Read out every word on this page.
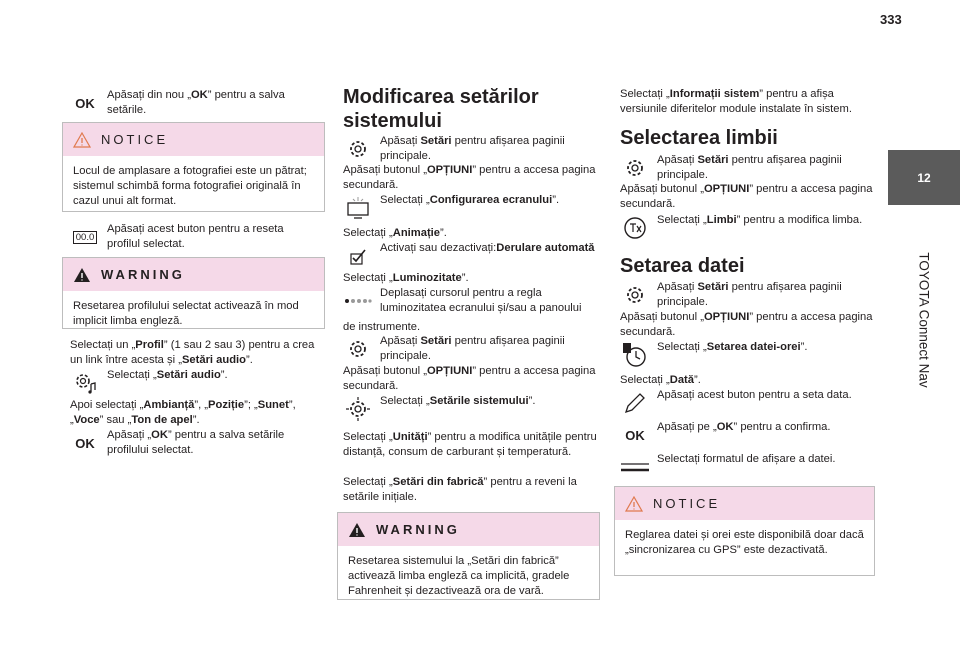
333
12
TOYOTA Connect Nav
OK
Apăsați din nou „OK” pentru a salva setările.
NOTICE
Locul de amplasare a fotografiei este un pătrat; sistemul schimbă forma fotografiei originală în cazul unui alt format.
00.0
Apăsați acest buton pentru a reseta profilul selectat.
WARNING
Resetarea profilului selectat activează în mod implicit limba engleză.

Selectați un „Profil” (1 sau 2 sau 3) pentru a crea un link între acesta și „Setări audio”.

Selectați „Setări audio”.

Apoi selectați „Ambianță”, „Poziție”; „Sunet”, „Voce” sau „Ton de apel”.

OK
Apăsați „OK” pentru a salva setările profilului selectat.
Modificarea setărilor sistemului
Apăsați Setări pentru afișarea paginii principale.

Apăsați butonul „OPȚIUNI” pentru a accesa pagina secundară.

Selectați „Configurarea ecranului”.

Selectați „Animație”.

Activați sau dezactivați:Derulare automată

Selectați „Luminozitate”.

Deplasați cursorul pentru a regla luminozitatea ecranului și/sau a panoului

de instrumente.

Apăsați Setări pentru afișarea paginii principale.

Apăsați butonul „OPȚIUNI” pentru a accesa pagina secundară.

Selectați „Setările sistemului”.

Selectați „Unități” pentru a modifica unitățile pentru distanță, consum de carburant și temperatură.

Selectați „Setări din fabrică” pentru a reveni la setările inițiale.

WARNING
Resetarea sistemului la „Setări din fabrică” activează limba engleză ca implicită, gradele Fahrenheit și dezactivează ora de vară.

Selectați „Informații sistem” pentru a afișa versiunile diferitelor module instalate în sistem.

Selectarea limbii
Apăsați Setări pentru afișarea paginii principale.

Apăsați butonul „OPȚIUNI” pentru a accesa pagina secundară.

Selectați „Limbi” pentru a modifica limba.
Setarea datei
Apăsați Setări pentru afișarea paginii principale.

Apăsați butonul „OPȚIUNI” pentru a accesa pagina secundară.

Selectați „Setarea datei-orei”.

Selectați „Dată”.

Apăsați acest buton pentru a seta data.
OK
Apăsați pe „OK” pentru a confirma.
Selectați formatul de afișare a datei.
NOTICE
Reglarea datei și orei este disponibilă doar dacă „sincronizarea cu GPS” este dezactivată.
